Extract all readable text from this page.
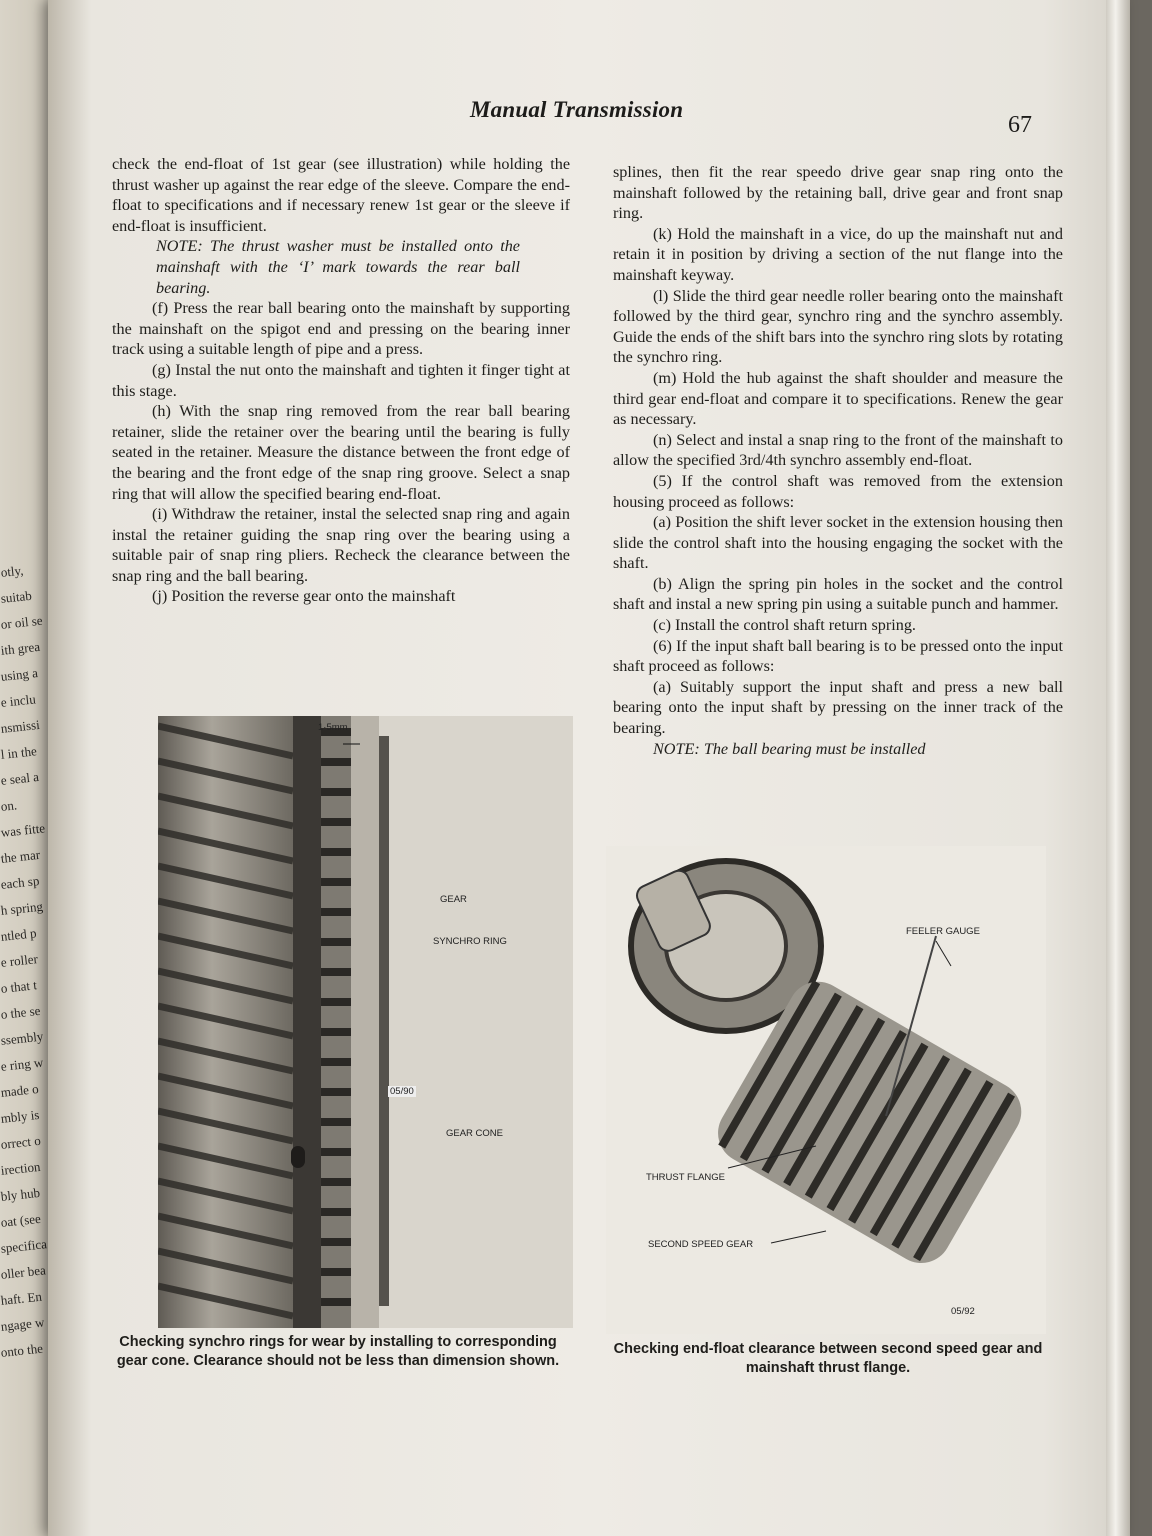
otly,
suitab
or oil se
ith grea
using a
e inclu
nsmissi
l in the
e seal a
on.
was fitte
the mar
each sp
h spring
ntled p
e roller
o that t
o the se
ssembly
e ring w
made o
mbly is
orrect o
irection
bly hub
oat (see
specifica
oller bea
haft. En
ngage w
onto the
Manual Transmission
67

check the end-float of 1st gear (see illustration) while holding the thrust washer up against the rear edge of the sleeve. Compare the end-float to specifications and if necessary renew 1st gear or the sleeve if end-float is insufficient.

NOTE: The thrust washer must be installed onto the mainshaft with the ‘I’ mark towards the rear ball bearing.

(f) Press the rear ball bearing onto the mainshaft by supporting the mainshaft on the spigot end and pressing on the bearing inner track using a suitable length of pipe and a press.

(g) Instal the nut onto the mainshaft and tighten it finger tight at this stage.

(h) With the snap ring removed from the rear ball bearing retainer, slide the retainer over the bearing until the bearing is fully seated in the retainer. Measure the distance between the front edge of the bearing and the front edge of the snap ring groove. Select a snap ring that will allow the specified bearing end-float.

(i) Withdraw the retainer, instal the selected snap ring and again instal the retainer guiding the snap ring over the bearing using a suitable pair of snap ring pliers. Recheck the clearance between the snap ring and the ball bearing.

(j) Position the reverse gear onto the mainshaft

splines, then fit the rear speedo drive gear snap ring onto the mainshaft followed by the retaining ball, drive gear and front snap ring.

(k) Hold the mainshaft in a vice, do up the mainshaft nut and retain it in position by driving a section of the nut flange into the mainshaft keyway.

(l) Slide the third gear needle roller bearing onto the mainshaft followed by the third gear, synchro ring and the synchro assembly. Guide the ends of the shift bars into the synchro ring slots by rotating the synchro ring.

(m) Hold the hub against the shaft shoulder and measure the third gear end-float and compare it to specifications. Renew the gear as necessary.

(n) Select and instal a snap ring to the front of the mainshaft to allow the specified 3rd/4th synchro assembly end-float.

(5) If the control shaft was removed from the extension housing proceed as follows:

(a) Position the shift lever socket in the extension housing then slide the control shaft into the housing engaging the socket with the shaft.

(b) Align the spring pin holes in the socket and the control shaft and instal a new spring pin using a suitable punch and hammer.

(c) Install the control shaft return spring.

(6) If the input shaft ball bearing is to be pressed onto the input shaft proceed as follows:

(a) Suitably support the input shaft and press a new ball bearing onto the input shaft by pressing on the inner track of the bearing.

NOTE: The ball bearing must be installed

1·5mm
GEAR
SYNCHRO RING
05/90
GEAR CONE
Checking synchro rings for wear by installing to corresponding gear cone. Clearance should not be less than dimension shown.
FEELER GAUGE
THRUST FLANGE
SECOND SPEED GEAR
05/92
Checking end-float clearance between second speed gear and mainshaft thrust flange.
